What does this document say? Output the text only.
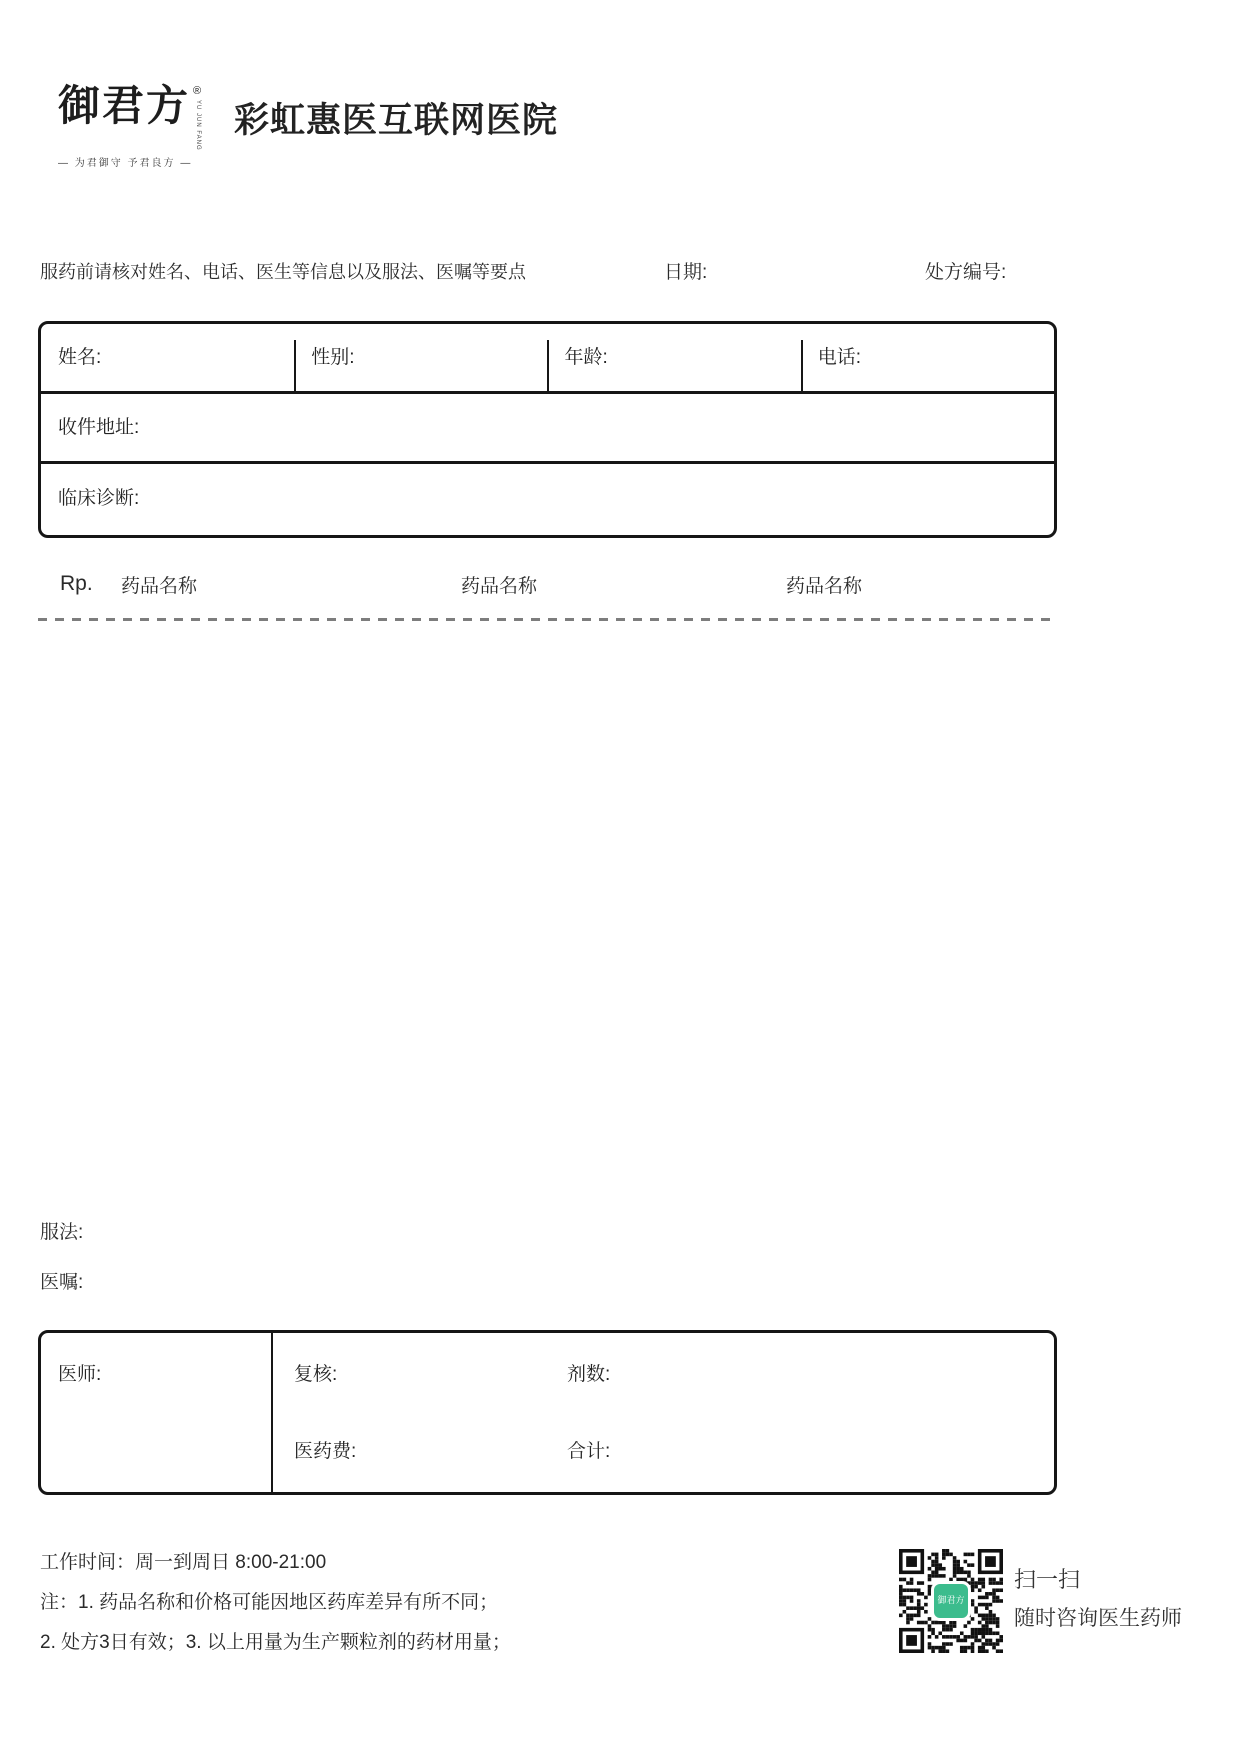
御君方 ®
YU JUN FANG
— 为君御守 予君良方 —
彩虹惠医互联网医院
服药前请核对姓名、电话、医生等信息以及服法、医嘱等要点	日期:	处方编号:
姓名:	性别:	年龄:	电话:
收件地址:
临床诊断:
Rp. 药品名称	药品名称	药品名称
服法:
医嘱:
医师:	复核:	剂数:
医药费:	合计:
工作时间：周一到周日 8:00-21:00
注：1. 药品名称和价格可能因地区药库差异有所不同；
2. 处方3日有效；3. 以上用量为生产颗粒剂的药材用量；
御君方
扫一扫
随时咨询医生药师
